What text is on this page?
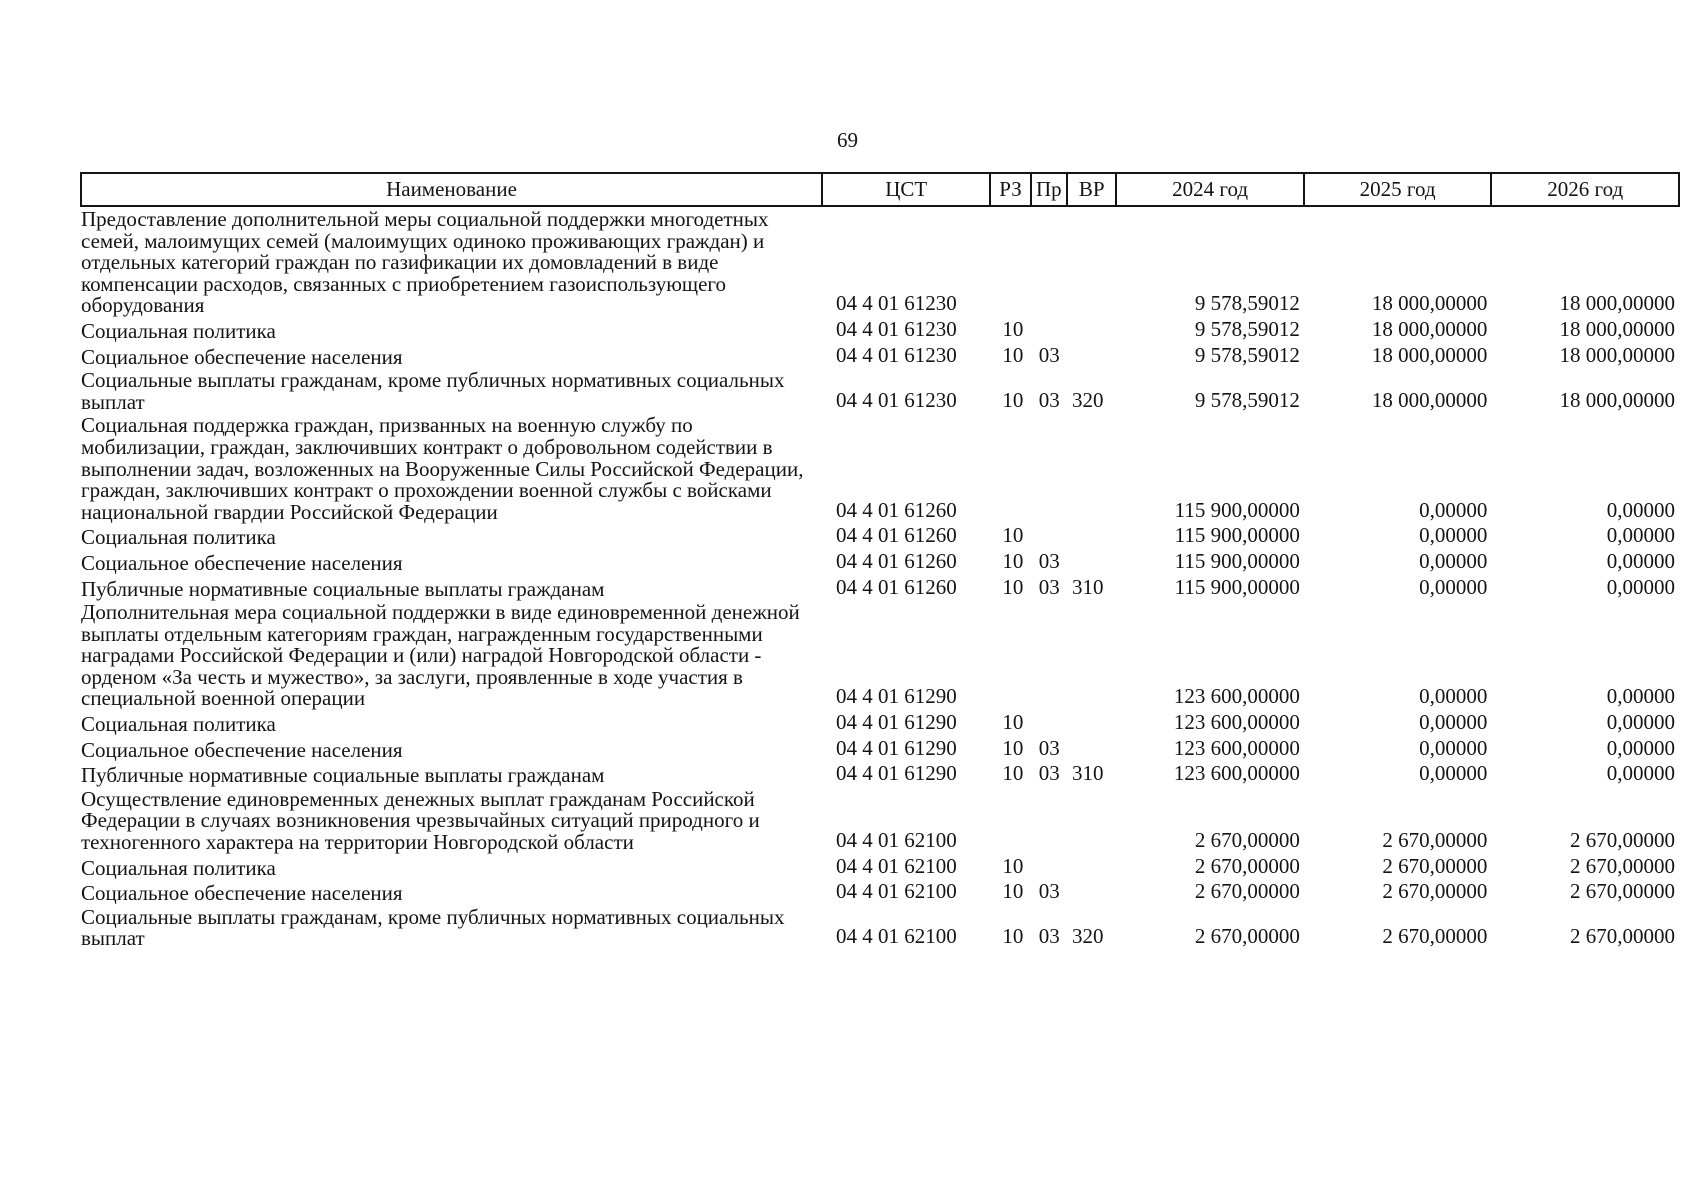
69
Наименование	ЦСТ	РЗ	Пр	ВР	2024 год	2025 год	2026 год
Предоставление дополнительной меры социальной поддержки многодетных семей, малоимущих семей (малоимущих одиноко проживающих граждан) и отдельных категорий граждан по газификации их домовладений в виде компенсации расходов, связанных с приобретением газоиспользующего оборудования	04 4 01 61230				9 578,59012	18 000,00000	18 000,00000
Социальная политика	04 4 01 61230	10			9 578,59012	18 000,00000	18 000,00000
Социальное обеспечение населения	04 4 01 61230	10	03		9 578,59012	18 000,00000	18 000,00000
Социальные выплаты гражданам, кроме публичных нормативных социальных выплат	04 4 01 61230	10	03	320	9 578,59012	18 000,00000	18 000,00000
Социальная поддержка граждан, призванных на военную службу по мобилизации, граждан, заключивших контракт о добровольном содействии в выполнении задач, возложенных на Вооруженные Силы Российской Федерации, граждан, заключивших контракт о прохождении военной службы с войсками национальной гвардии Российской Федерации	04 4 01 61260				115 900,00000	0,00000	0,00000
Социальная политика	04 4 01 61260	10			115 900,00000	0,00000	0,00000
Социальное обеспечение населения	04 4 01 61260	10	03		115 900,00000	0,00000	0,00000
Публичные нормативные социальные выплаты гражданам	04 4 01 61260	10	03	310	115 900,00000	0,00000	0,00000
Дополнительная мера социальной поддержки в виде единовременной денежной выплаты отдельным категориям граждан, награжденным государственными наградами Российской Федерации и (или) наградой Новгородской области - орденом «За честь и мужество», за заслуги, проявленные в ходе участия в специальной военной операции	04 4 01 61290				123 600,00000	0,00000	0,00000
Социальная политика	04 4 01 61290	10			123 600,00000	0,00000	0,00000
Социальное обеспечение населения	04 4 01 61290	10	03		123 600,00000	0,00000	0,00000
Публичные нормативные социальные выплаты гражданам	04 4 01 61290	10	03	310	123 600,00000	0,00000	0,00000
Осуществление единовременных денежных выплат гражданам Российской Федерации в случаях возникновения чрезвычайных ситуаций природного и техногенного характера на территории Новгородской области	04 4 01 62100				2 670,00000	2 670,00000	2 670,00000
Социальная политика	04 4 01 62100	10			2 670,00000	2 670,00000	2 670,00000
Социальное обеспечение населения	04 4 01 62100	10	03		2 670,00000	2 670,00000	2 670,00000
Социальные выплаты гражданам, кроме публичных нормативных социальных выплат	04 4 01 62100	10	03	320	2 670,00000	2 670,00000	2 670,00000
